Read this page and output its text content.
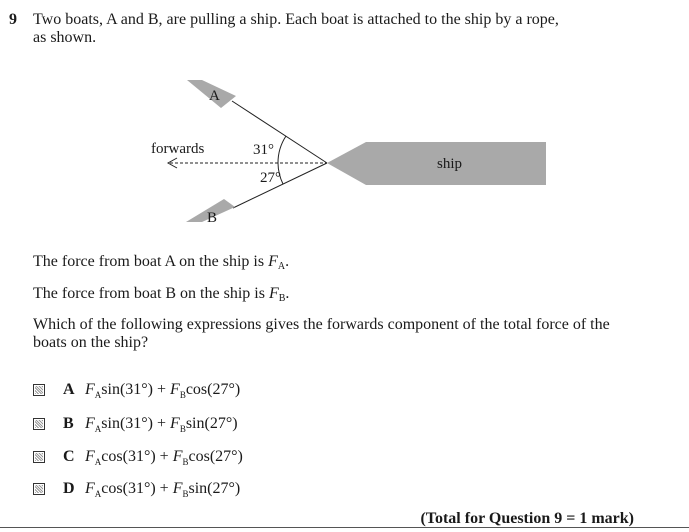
9 Two boats, A and B, are pulling a ship. Each boat is attached to the ship by a rope,
as shown.
ship
A
B
forwards	31°
27°
The force from boat A on the ship is $F_A$.
The force from boat B on the ship is $F_B$.
Which of the following expressions gives the forwards component of the total force of the boats on the ship?
A $F_A\sin(31^\circ) + F_B\cos(27^\circ)$
B $F_A\sin(31^\circ) + F_B\sin(27^\circ)$
C $F_A\cos(31^\circ) + F_B\cos(27^\circ)$
D $F_A\cos(31^\circ) + F_B\sin(27^\circ)$
(Total for Question 9 = 1 mark)
